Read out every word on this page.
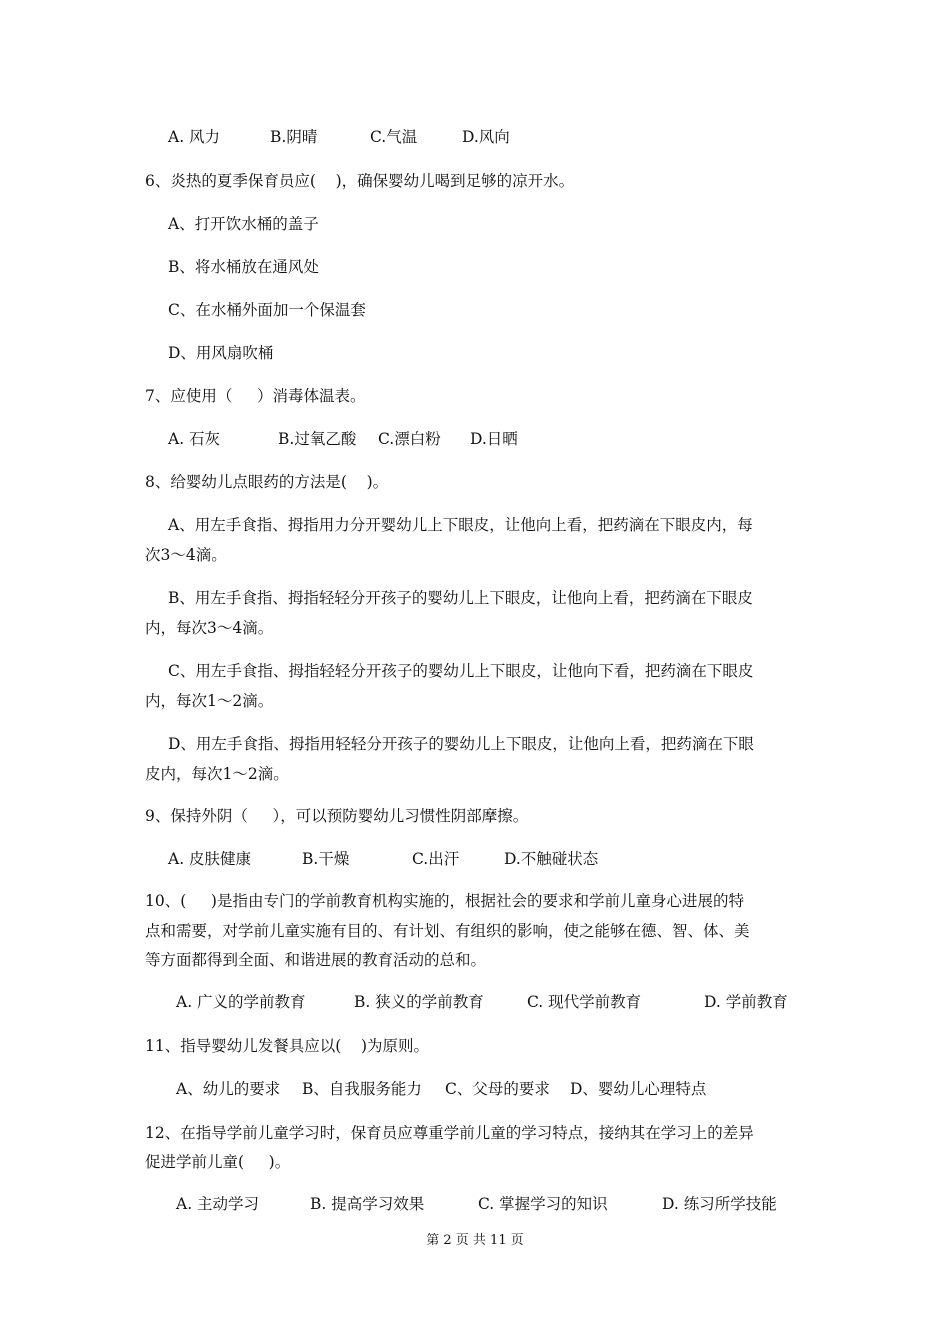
A. 风力	B.阴晴	C.气温	D.风向
6、炎热的夏季保育员应(    )，确保婴幼儿喝到足够的凉开水。
A、打开饮水桶的盖子
B、将水桶放在通风处
C、在水桶外面加一个保温套
D、用风扇吹桶
7、应使用（     ）消毒体温表。
A. 石灰	B.过氧乙酸 C.漂白粉 D.日晒
8、给婴幼儿点眼药的方法是(    )。
A、用左手食指、拇指用力分开婴幼儿上下眼皮，让他向上看，把药滴在下眼皮内，每
次3～4滴。
B、用左手食指、拇指轻轻分开孩子的婴幼儿上下眼皮，让他向上看，把药滴在下眼皮
内，每次3～4滴。
C、用左手食指、拇指轻轻分开孩子的婴幼儿上下眼皮，让他向下看，把药滴在下眼皮
内，每次1～2滴。
D、用左手食指、拇指用轻轻分开孩子的婴幼儿上下眼皮，让他向上看，把药滴在下眼
皮内，每次1～2滴。
9、保持外阴（     ），可以预防婴幼儿习惯性阴部摩擦。
A. 皮肤健康	B.干燥	C.出汗	D.不触碰状态
10、(     )是指由专门的学前教育机构实施的，根据社会的要求和学前儿童身心进展的特
点和需要，对学前儿童实施有目的、有计划、有组织的影响，使之能够在德、智、体、美
等方面都得到全面、和谐进展的教育活动的总和。
A. 广义的学前教育	B. 狭义的学前教育	C. 现代学前教育	D. 学前教育
11、指导婴幼儿发餐具应以(    )为原则。
A、幼儿的要求 B、自我服务能力 C、父母的要求 D、婴幼儿心理特点
12、在指导学前儿童学习时，保育员应尊重学前儿童的学习特点，接纳其在学习上的差异
促进学前儿童(     )。
A. 主动学习	B. 提高学习效果	C. 掌握学习的知识	D. 练习所学技能
第 2 页 共 11 页
